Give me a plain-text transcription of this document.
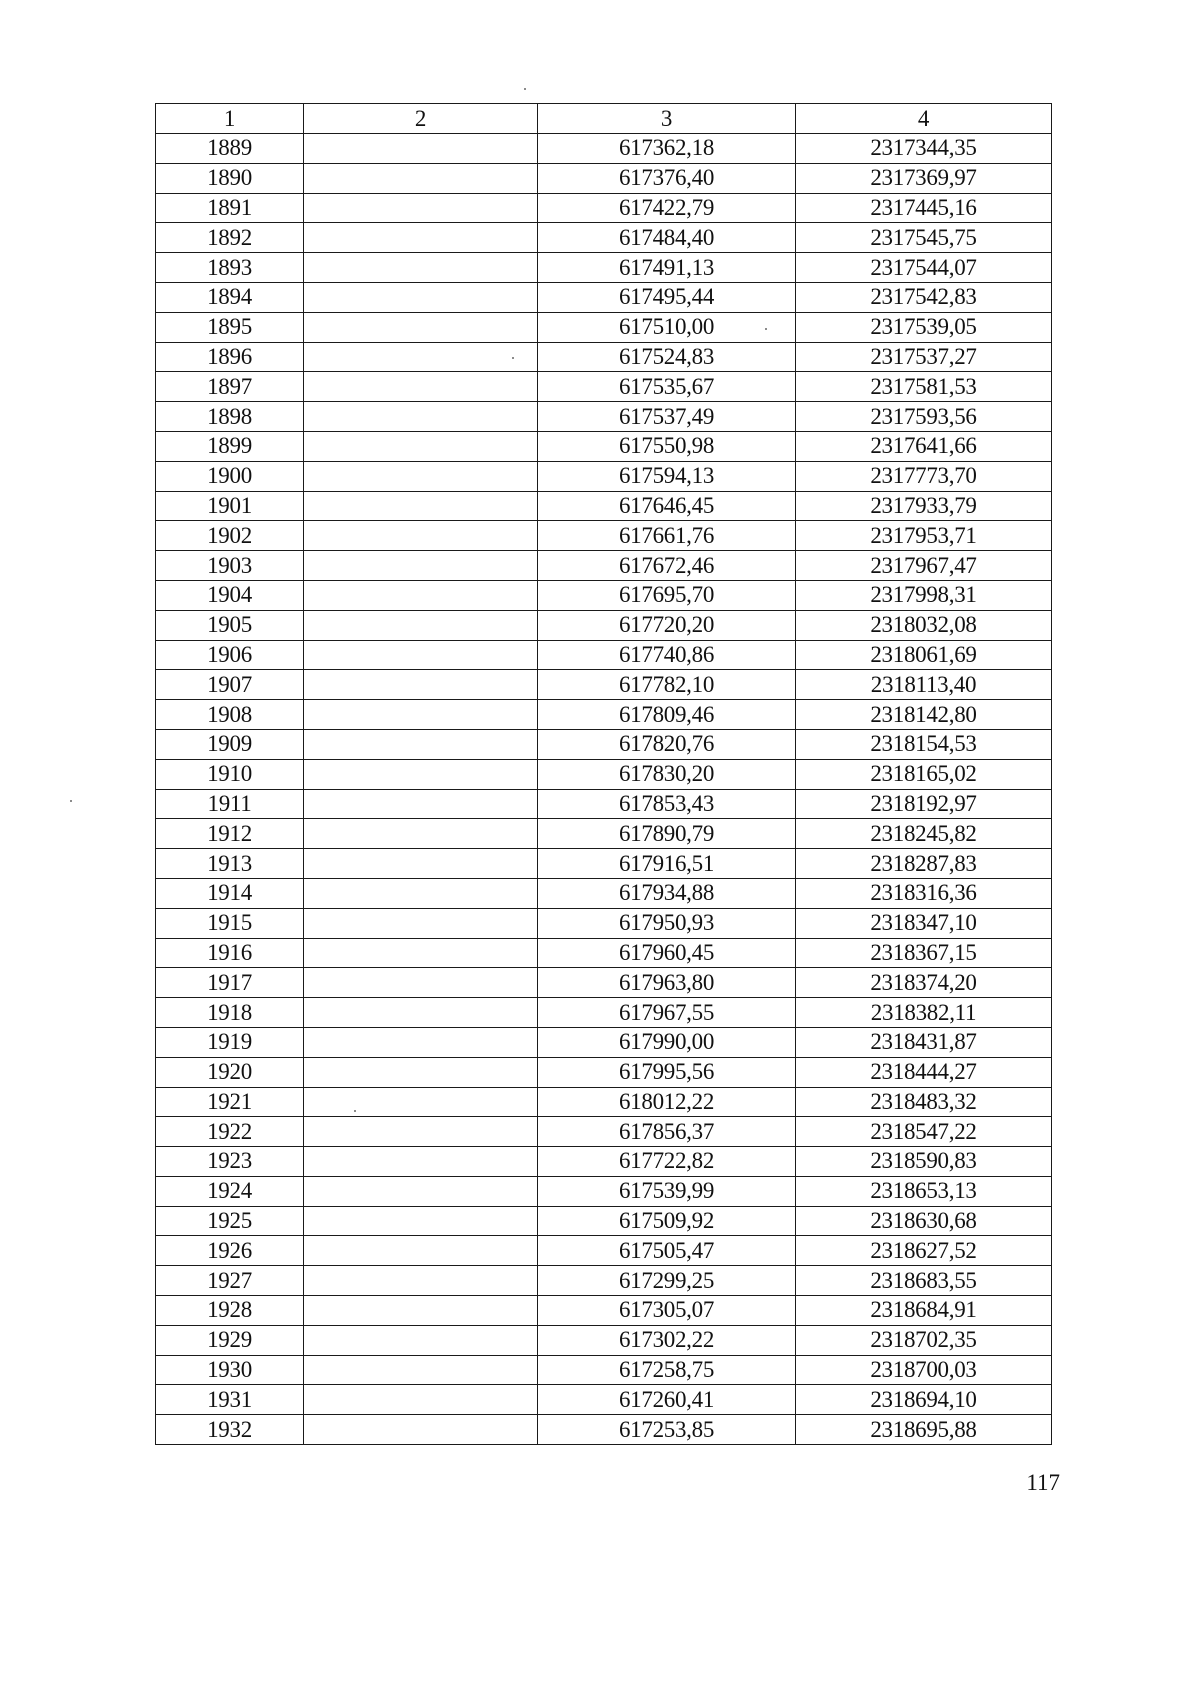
1	2	3	4
1889		617362,18	2317344,35
1890		617376,40	2317369,97
1891		617422,79	2317445,16
1892		617484,40	2317545,75
1893		617491,13	2317544,07
1894		617495,44	2317542,83
1895		617510,00	2317539,05
1896		617524,83	2317537,27
1897		617535,67	2317581,53
1898		617537,49	2317593,56
1899		617550,98	2317641,66
1900		617594,13	2317773,70
1901		617646,45	2317933,79
1902		617661,76	2317953,71
1903		617672,46	2317967,47
1904		617695,70	2317998,31
1905		617720,20	2318032,08
1906		617740,86	2318061,69
1907		617782,10	2318113,40
1908		617809,46	2318142,80
1909		617820,76	2318154,53
1910		617830,20	2318165,02
1911		617853,43	2318192,97
1912		617890,79	2318245,82
1913		617916,51	2318287,83
1914		617934,88	2318316,36
1915		617950,93	2318347,10
1916		617960,45	2318367,15
1917		617963,80	2318374,20
1918		617967,55	2318382,11
1919		617990,00	2318431,87
1920		617995,56	2318444,27
1921		618012,22	2318483,32
1922		617856,37	2318547,22
1923		617722,82	2318590,83
1924		617539,99	2318653,13
1925		617509,92	2318630,68
1926		617505,47	2318627,52
1927		617299,25	2318683,55
1928		617305,07	2318684,91
1929		617302,22	2318702,35
1930		617258,75	2318700,03
1931		617260,41	2318694,10
1932		617253,85	2318695,88
117
